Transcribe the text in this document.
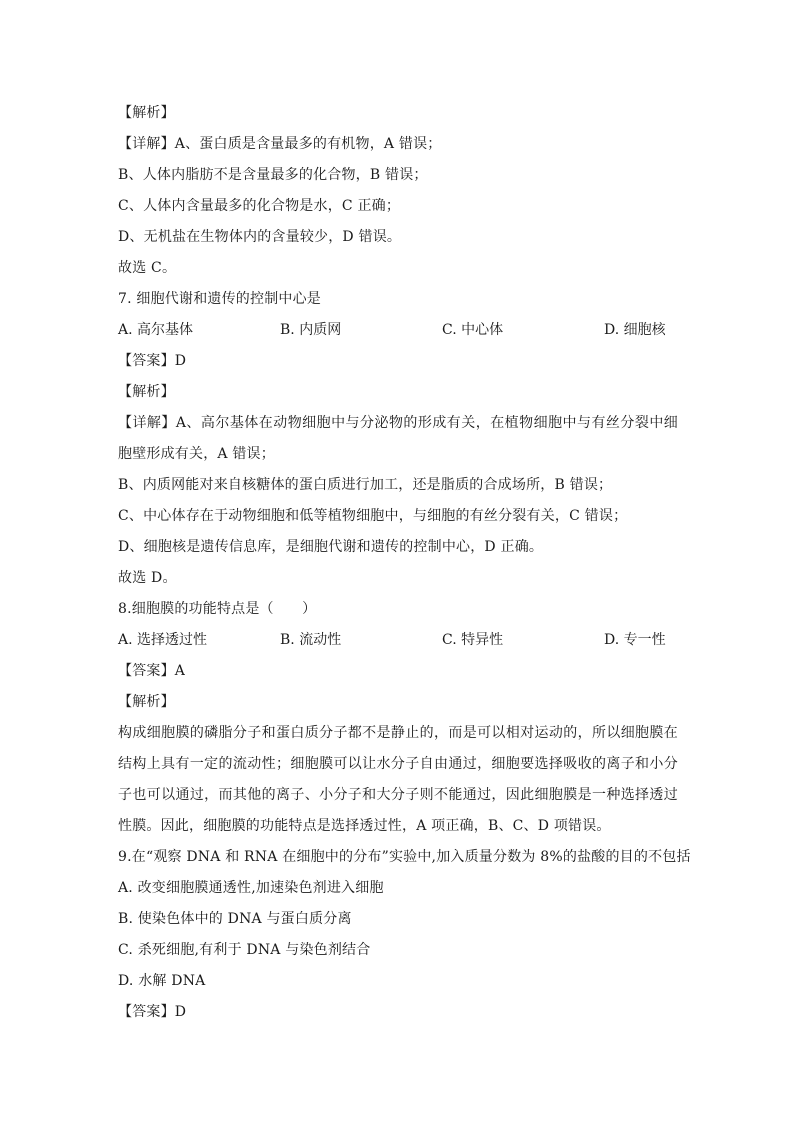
【解析】
【详解】A、蛋白质是含量最多的有机物，A 错误；
B、人体内脂肪不是含量最多的化合物，B 错误；
C、人体内含量最多的化合物是水，C 正确；
D、无机盐在生物体内的含量较少，D 错误。
故选 C。
7. 细胞代谢和遗传的控制中心是
A. 高尔基体	B. 内质网	C. 中心体	D. 细胞核
【答案】D
【解析】
【详解】A、高尔基体在动物细胞中与分泌物的形成有关，在植物细胞中与有丝分裂中细胞壁形成有关，A 错误；
B、内质网能对来自核糖体的蛋白质进行加工，还是脂质的合成场所，B 错误；
C、中心体存在于动物细胞和低等植物细胞中，与细胞的有丝分裂有关，C 错误；
D、细胞核是遗传信息库，是细胞代谢和遗传的控制中心，D 正确。
故选 D。
8.细胞膜的功能特点是（　　）
A. 选择透过性	B. 流动性	C. 特异性	D. 专一性
【答案】A
【解析】
构成细胞膜的磷脂分子和蛋白质分子都不是静止的，而是可以相对运动的，所以细胞膜在结构上具有一定的流动性；细胞膜可以让水分子自由通过，细胞要选择吸收的离子和小分子也可以通过，而其他的离子、小分子和大分子则不能通过，因此细胞膜是一种选择透过性膜。因此，细胞膜的功能特点是选择透过性，A 项正确，B、C、D 项错误。
9.在“观察 DNA 和 RNA 在细胞中的分布”实验中,加入质量分数为 8%的盐酸的目的不包括
A. 改变细胞膜通透性,加速染色剂进入细胞
B. 使染色体中的 DNA 与蛋白质分离
C. 杀死细胞,有利于 DNA 与染色剂结合
D. 水解 DNA
【答案】D
